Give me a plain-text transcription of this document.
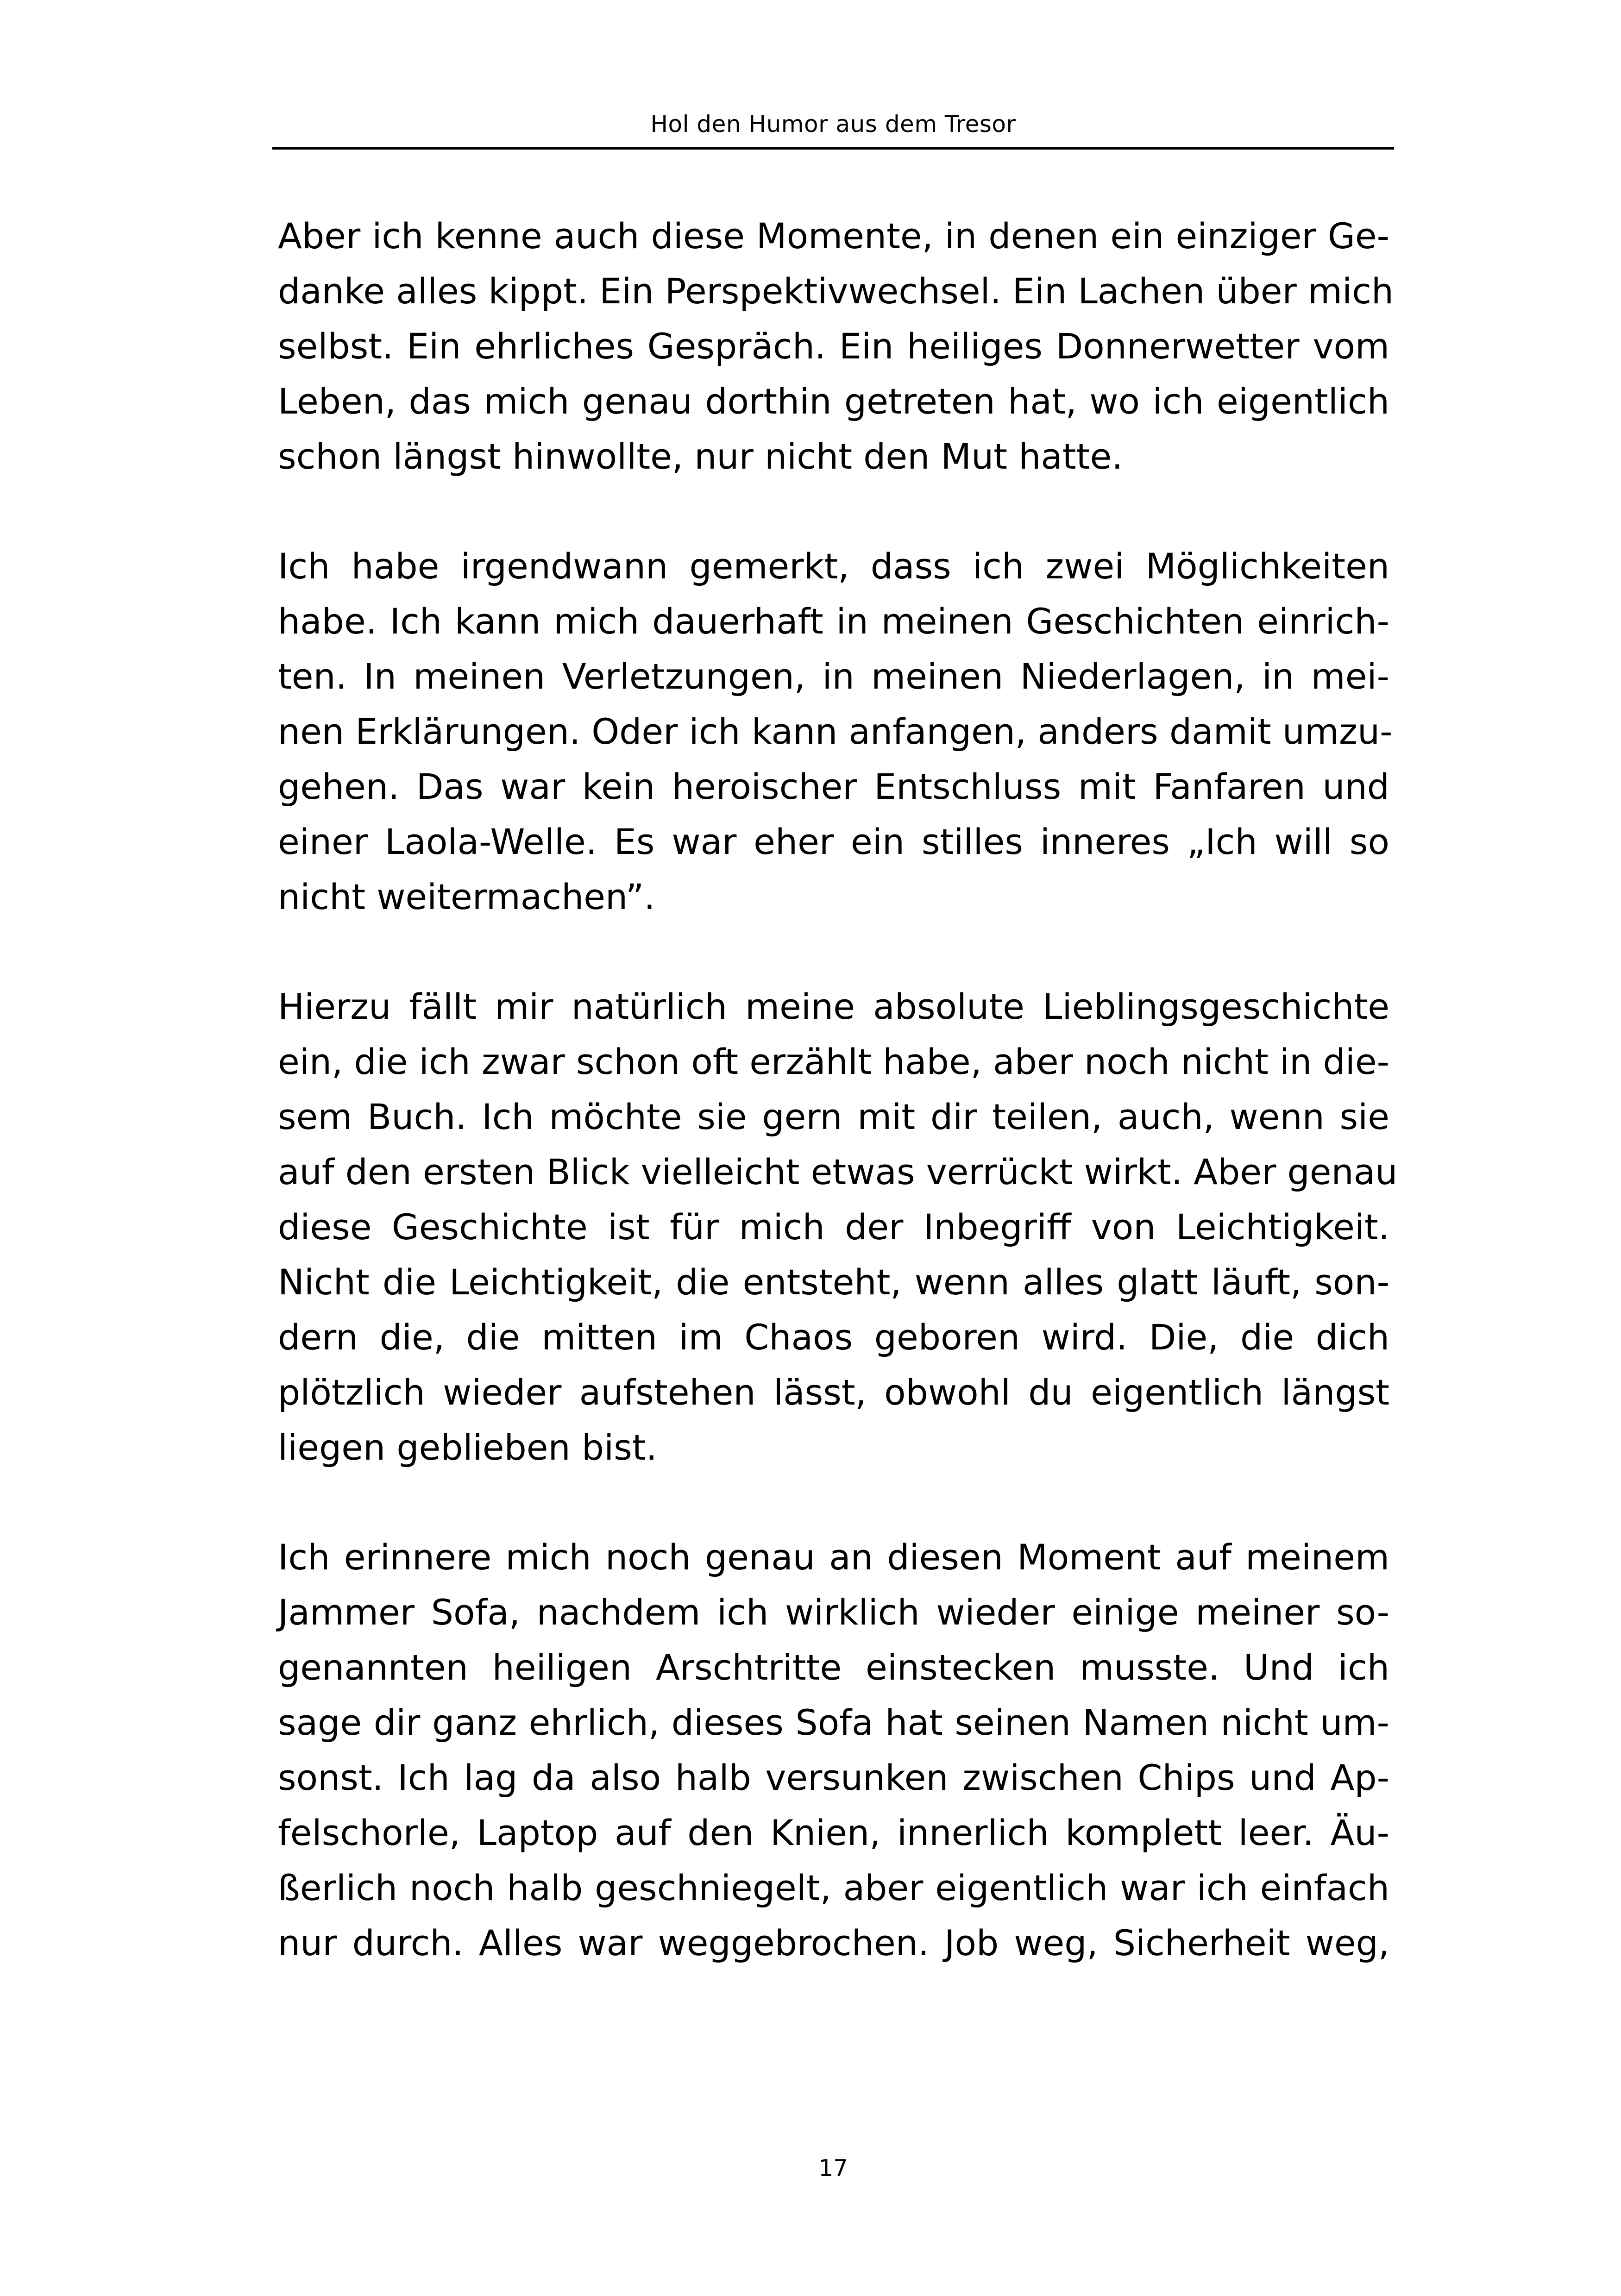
Hol den Humor aus dem Tresor
Aber ich kenne auch diese Momente, in denen ein einziger Ge-
danke alles kippt. Ein Perspektivwechsel. Ein Lachen über mich
selbst. Ein ehrliches Gespräch. Ein heiliges Donnerwetter vom
Leben, das mich genau dorthin getreten hat, wo ich eigentlich
schon längst hinwollte, nur nicht den Mut hatte.
Ich habe irgendwann gemerkt, dass ich zwei Möglichkeiten
habe. Ich kann mich dauerhaft in meinen Geschichten einrich-
ten. In meinen Verletzungen, in meinen Niederlagen, in mei-
nen Erklärungen. Oder ich kann anfangen, anders damit umzu-
gehen. Das war kein heroischer Entschluss mit Fanfaren und
einer Laola-Welle. Es war eher ein stilles inneres „Ich will so
nicht weitermachen”.
Hierzu fällt mir natürlich meine absolute Lieblingsgeschichte
ein, die ich zwar schon oft erzählt habe, aber noch nicht in die-
sem Buch. Ich möchte sie gern mit dir teilen, auch, wenn sie
auf den ersten Blick vielleicht etwas verrückt wirkt. Aber genau
diese Geschichte ist für mich der Inbegriff von Leichtigkeit.
Nicht die Leichtigkeit, die entsteht, wenn alles glatt läuft, son-
dern die, die mitten im Chaos geboren wird. Die, die dich
plötzlich wieder aufstehen lässt, obwohl du eigentlich längst
liegen geblieben bist.
Ich erinnere mich noch genau an diesen Moment auf meinem
Jammer Sofa, nachdem ich wirklich wieder einige meiner so-
genannten heiligen Arschtritte einstecken musste. Und ich
sage dir ganz ehrlich, dieses Sofa hat seinen Namen nicht um-
sonst. Ich lag da also halb versunken zwischen Chips und Ap-
felschorle, Laptop auf den Knien, innerlich komplett leer. Äu-
ßerlich noch halb geschniegelt, aber eigentlich war ich einfach
nur durch. Alles war weggebrochen. Job weg, Sicherheit weg,
17
